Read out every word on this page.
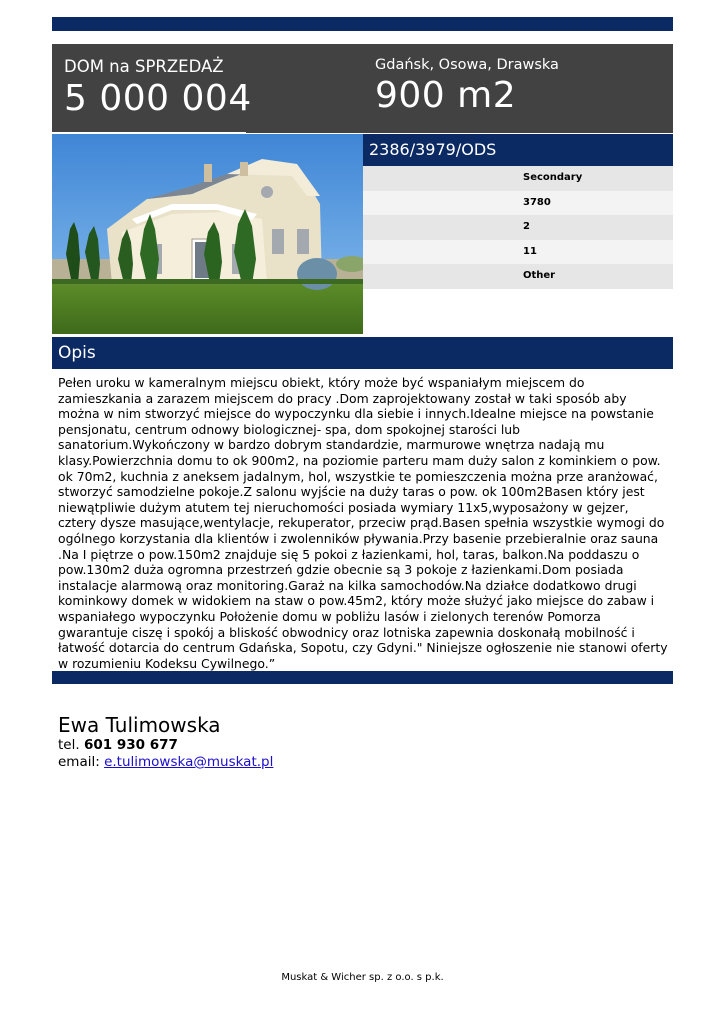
DOM na SPRZEDAŻ
5 000 004
Gdańsk, Osowa, Drawska
900 m2
2386/3979/ODS
Secondary
3780
2
11
Other
Opis
Pełen uroku w kameralnym miejscu obiekt, który może być wspaniałym miejscem do zamieszkania a zarazem miejscem do pracy .Dom zaprojektowany został w taki sposób aby można w nim stworzyć miejsce do wypoczynku dla siebie i innych.Idealne miejsce na powstanie pensjonatu, centrum odnowy biologicznej- spa, dom spokojnej starości lub sanatorium.Wykończony w bardzo dobrym standardzie, marmurowe wnętrza nadają mu klasy.Powierzchnia domu to ok 900m2, na poziomie parteru mam duży salon z kominkiem o pow. ok 70m2, kuchnia z aneksem jadalnym, hol, wszystkie te pomieszczenia można prze aranżować, stworzyć samodzielne pokoje.Z salonu wyjście na duży taras o pow. ok 100m2Basen który jest niewątpliwie dużym atutem tej nieruchomości posiada wymiary 11x5,wyposażony w gejzer, cztery dysze masujące,wentylacje, rekuperator, przeciw prąd.Basen spełnia wszystkie wymogi do ogólnego korzystania dla klientów i zwolenników pływania.Przy basenie przebieralnie oraz sauna .Na I piętrze o pow.150m2 znajduje się 5 pokoi z łazienkami, hol, taras, balkon.Na poddaszu o pow.130m2 duża ogromna przestrzeń gdzie obecnie są 3 pokoje z łazienkami.Dom posiada instalacje alarmową oraz monitoring.Garaż na kilka samochodów.Na działce dodatkowo drugi kominkowy domek w widokiem na staw o pow.45m2, który może służyć jako miejsce do zabaw i wspaniałego wypoczynku Położenie domu w pobliżu lasów i zielonych terenów Pomorza gwarantuje ciszę i spokój a bliskość obwodnicy oraz lotniska zapewnia doskonałą mobilność i łatwość dotarcia do centrum Gdańska, Sopotu, czy Gdyni." Niniejsze ogłoszenie nie stanowi oferty w rozumieniu Kodeksu Cywilnego.”
Ewa Tulimowska
tel. 601 930 677
email: e.tulimowska@muskat.pl
Muskat & Wicher sp. z o.o. s p.k.
